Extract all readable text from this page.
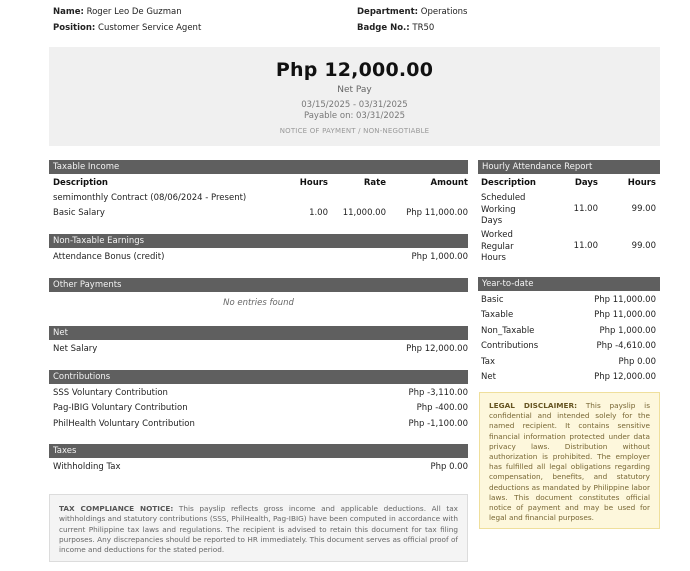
Name: Roger Leo De Guzman
Position: Customer Service Agent
Department: Operations
Badge No.: TR50
Php 12,000.00
Net Pay
03/15/2025 - 03/31/2025
Payable on: 03/31/2025
NOTICE OF PAYMENT / NON-NEGOTIABLE
Taxable Income
Description	Hours	Rate	Amount
semimonthly Contract (08/06/2024 - Present)
Basic Salary	1.00	11,000.00	Php 11,000.00
Non-Taxable Earnings
Attendance Bonus (credit)	Php 1,000.00
Other Payments
No entries found
Net
Net Salary	Php 12,000.00
Contributions
SSS Voluntary Contribution	Php -3,110.00
Pag-IBIG Voluntary Contribution	Php -400.00
PhilHealth Voluntary Contribution	Php -1,100.00
Taxes
Withholding Tax	Php 0.00
TAX COMPLIANCE NOTICE: This payslip reflects gross income and applicable deductions. All tax withholdings and statutory contributions (SSS, PhilHealth, Pag-IBIG) have been computed in accordance with current Philippine tax laws and regulations. The recipient is advised to retain this document for tax filing purposes. Any discrepancies should be reported to HR immediately. This document serves as official proof of income and deductions for the stated period.
Hourly Attendance Report
Description	Days	Hours
Scheduled
Working
Days
11.00	99.00
Worked
Regular
Hours
11.00	99.00
Year-to-date
Basic	Php 11,000.00
Taxable	Php 11,000.00
Non_Taxable	Php 1,000.00
Contributions	Php -4,610.00
Tax	Php 0.00
Net	Php 12,000.00
LEGAL DISCLAIMER: This payslip is confidential and intended solely for the named recipient. It contains sensitive financial information protected under data privacy laws. Distribution without authorization is prohibited. The employer has fulfilled all legal obligations regarding compensation, benefits, and statutory deductions as mandated by Philippine labor laws. This document constitutes official notice of payment and may be used for legal and financial purposes.
